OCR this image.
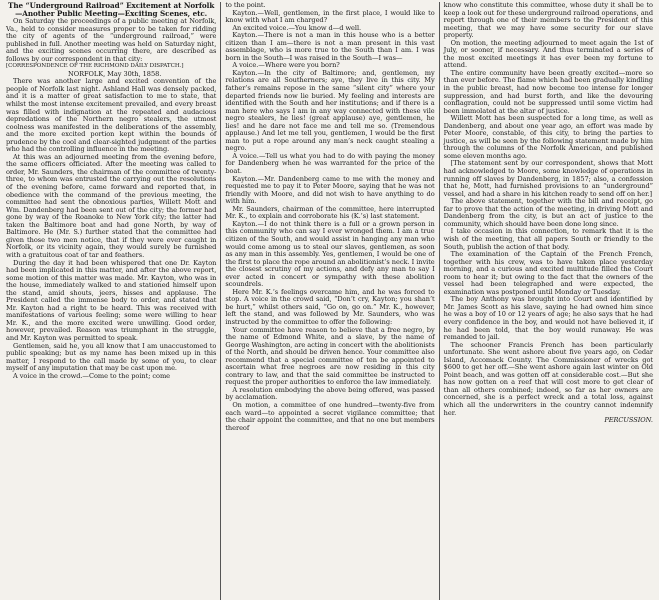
The “Underground Railroad” Excitement at Norfolk—Another Public Meeting—Exciting Scenes, etc.

On Saturday the proceedings of a public meeting at Norfolk, Va., held to consider measures proper to be taken for ridding the city of agents of the “underground railroad,” were published in full. Another meeting was held on Saturday night, and the exciting scenes occurring there, are described as follows by our correspondent in that city:

[CORRESPONDENCE OF THE RICHMOND DAILY DISPATCH.]

NORFOLK, May 30th, 1858.

There was another large and excited convention of the people of Norfolk last night. Ashland Hall was densely packed, and it is a matter of great satisfaction to me to state, that whilst the most intense excitement prevailed, and every breast was filled with indignation at the repeated and audacious depredations of the Northern negro stealers, the utmost coolness was manifested in the deliberations of the assembly, and the more excited portion kept within the bounds of prudence by the cool and clear-sighted judgment of the parties who had the controlling influence in the meeting.

At this was an adjourned meeting from the evening before, the same officers officiated. After the meeting was called to order, Mr. Saunders, the chairman of the committee of twenty-three, to whom was entrusted the carrying out the resolutions of the evening before, came forward and reported that, in obedience with the command of the previous meeting, the committee had sent the obnoxious parties, Willett Mott and Wm. Dandenberg had been sent out of the city; the former had gone by way of the Roanoke to New York city; the latter had taken the Baltimore boat and had gone North, by way of Baltimore. He (Mr. S.) further stated that the committee had given those two men notice, that if they were ever caught in Norfolk, or its vicinity again, they would surely be furnished with a gratuitous coat of tar and feathers.

During the day it had been whispered that one Dr. Kayton had been implicated in this matter, and after the above report, some motion of this matter was made. Mr. Kayton, who was in the house, immediately walked to and stationed himself upon the stand, amid shouts, jeers, hisses and applause. The President called the immense body to order, and stated that Mr. Kayton had a right to be heard. This was received with manifestations of various feeling; some were willing to hear Mr. K., and the more excited were unwilling. Good order, however, prevailed. Reason was triumphant in the struggle, and Mr. Kayton was permitted to speak.

Gentlemen, said he, you all know that I am unaccustomed to public speaking; but as my name has been mixed up in this matter, I respond to the call made by some of you, to clear myself of any imputation that may be cast upon me.

A voice in the crowd.—Come to the point; come

to the point.

Kayton.—Well, gentlemen, in the first place, I would like to know with what I am charged?

An excited voice.—You know d—d well.

Kayton.—There is not a man in this house who is a better citizen than I am—there is not a man present in this vast assemblage, who is more true to the South than I am. I was born in the South—I was raised in the South—I was—

A voice.—Where were you born?

Kayton.—In the city of Baltimore; and, gentlemen, my relations are all Southerners; aye, they live in this city. My father’s remains repose in the same “silent city” where your departed friends now lie buried. My feeling and interests are identified with the South and her institutions; and if there is a man here who says I am in any way connected with these vile negro stealers, he lies! (great applause) aye, gentlemen, he lies! and he dare not face me and tell me so. (Tremendous applause.) And let me tell you, gentlemen, I would be the first man to put a rope around any man’s neck caught stealing a negro.

A voice.—Tell us what you had to do with paying the money for Dandenberg when he was warranted for the price of the boat.

Kayton.—Mr. Dandenberg came to me with the money and requested me to pay it to Peter Moore, saying that he was not friendly with Moore, and did not wish to have anything to do with him.

Mr. Saunders, chairman of the committee, here interrupted Mr. K., to explain and corroborate his (K.’s) last statement.

Kayton.—I do not think there is a full or a grown person in this community who can say I ever wronged them. I am a true citizen of the South, and would assist in hanging any man who would come among us to steal our slaves, gentlemen, as soon as any man in this assembly. Yes, gentlemen, I would be one of the first to place the rope around an abolitionist’s neck. I invite the closest scrutiny of my actions, and defy any man to say I ever acted in concert or sympathy with these abolition scoundrels.

Here Mr. K.’s feelings overcame him, and he was forced to stop. A voice in the crowd said, “Don’t cry, Kayton; you shan’t be hurt,” whilst others said, “Go on, go on.” Mr. K., however, left the stand, and was followed by Mr. Saunders, who was instructed by the committee to offer the following:

Your committee have reason to believe that a free negro, by the name of Edmond White, and a slave, by the name of George Washington, are acting in concert with the abolitionists of the North, and should be driven hence. Your committee also recommend that a special committee of ten be appointed to ascertain what free negroes are now residing in this city contrary to law, and that the said committee be instructed to request the proper authorities to enforce the law immediately.

A resolution embodying the above being offered, was passed by acclamation.

On motion, a committee of one hundred—twenty-five from each ward—to appointed a secret vigilance committee; that the chair appoint the committee, and that no one but members thereof

know who constitute this committee, whose duty it shall be to keep a look out for these underground railroad operations, and report through one of their members to the President of this meeting, that we may have some security for our slave property.

On motion, the meeting adjourned to meet again the 1st of July, or sooner, if necessary. And thus terminated a series of the most excited meetings it has ever been my fortune to attend.

The entire community have been greatly excited—more so than ever before. The flame which had been gradually kindling in the public breast, had now become too intense for longer suppression, and had burst forth, and like the devouring conflagration, could not be suppressed until some victim had been immolated at the altar of justice.

Willett Mott has been suspected for a long time, as well as Dandenberg, and about one year ago, an effort was made by Peter Moore, constable, of this city, to bring the parties to justice, as will be seen by the following statement made by him through the columns of the Norfolk American, and published some eleven months ago.

[The statement sent by our correspondent, shows that Mott had acknowledged to Moore, some knowledge of operations in running off slaves by Dandenberg, in 1857; also, a confession that he, Mott, had furnished provisions to an “underground” vessel, and had a share in his kitchen ready to send off on her.]

The above statement, together with the bill and receipt, go far to prove that the action of the meeting, in driving Mott and Dandenberg from the city, is but an act of justice to the community, which should have been done long since.

I take occasion in this connection, to remark that it is the wish of the meeting, that all papers South or friendly to the South, publish the action of that body.

The examination of the Captain of the French French, together with his crew, was to have taken place yesterday morning, and a curious and excited multitude filled the Court room to hear it; but owing to the fact that the owners of the vessel had been telegraphed and were expected, the examination was postponed until Monday or Tuesday.

The boy Anthony was brought into Court and identified by Mr. James Scott as his slave, saying he had owned him since he was a boy of 10 or 12 years of age; he also says that he had every confidence in the boy, and would not have believed it, if he had been told, that the boy would runaway. He was remanded to jail.

The schooner Francis French has been particularly unfortunate. She went ashore about five years ago, on Cedar Island, Accomack County. The Commissioner of wrecks got $600 to get her off.—She went ashore again last winter on Old Point beach, and was gotten off at considerable cost.—But she has now gotten on a reef that will cost more to get clear of than all others combined; indeed, so far as her owners are concerned, she is a perfect wreck and a total loss, against which all the underwriters in the country cannot indemnify her.

PERCUSSION.
